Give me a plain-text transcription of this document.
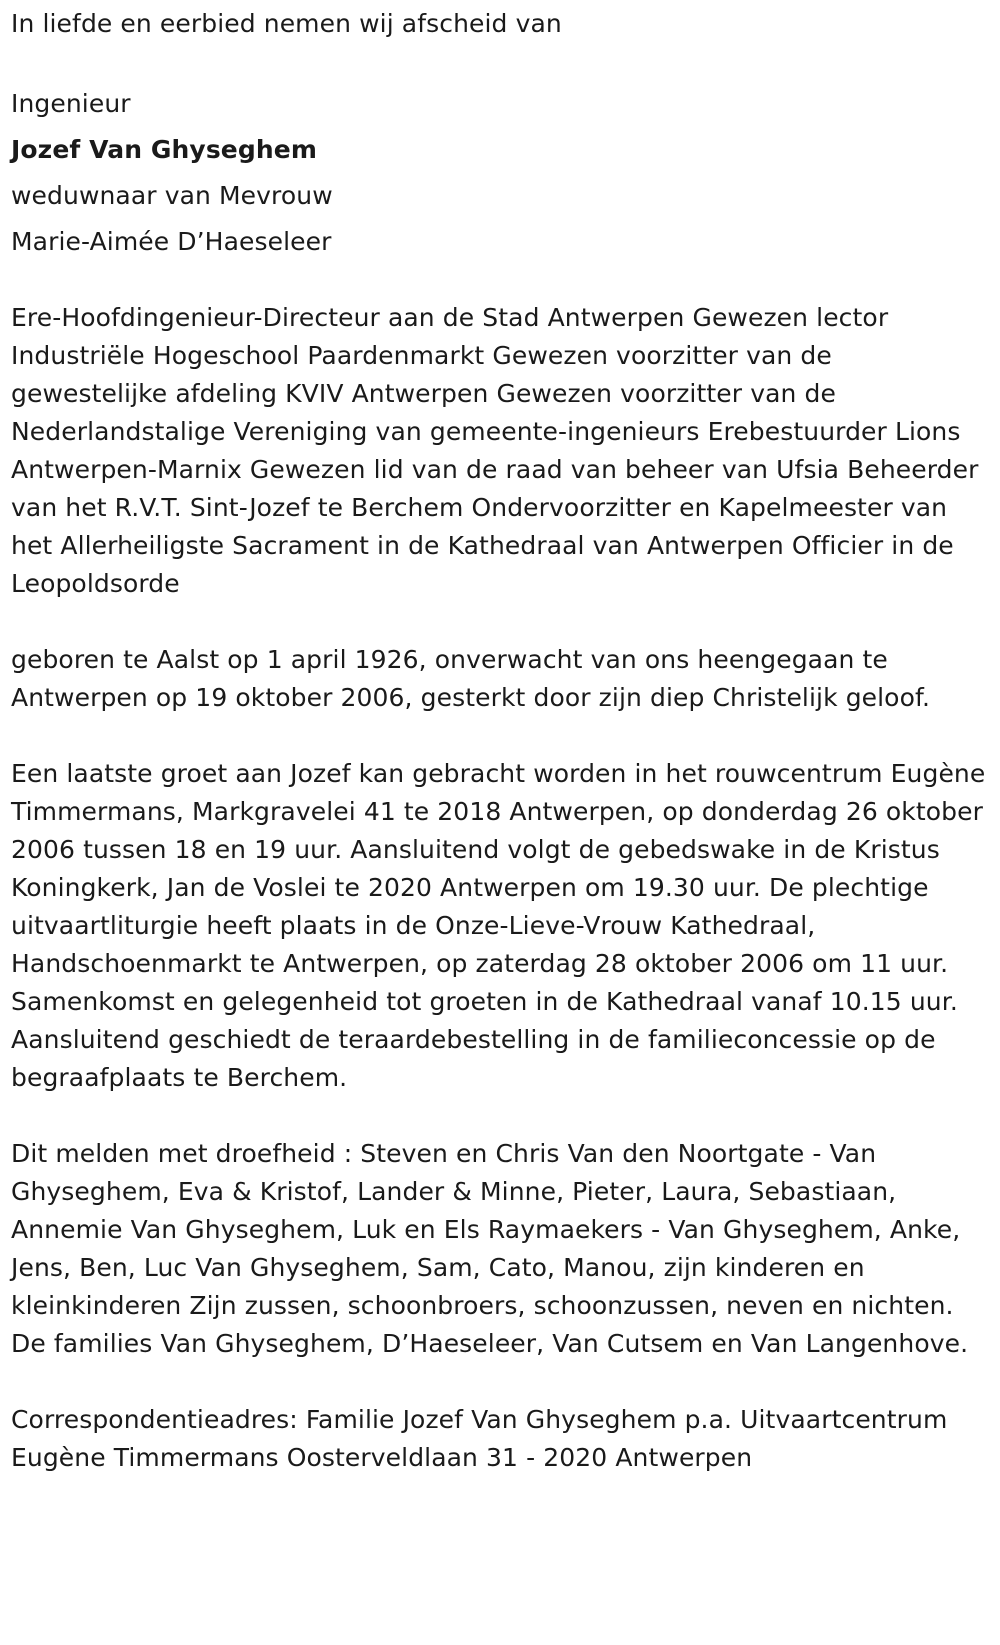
In liefde en eerbied nemen wij afscheid van

Ingenieur

Jozef Van Ghyseghem

weduwnaar van Mevrouw

Marie-Aimée D’Haeseleer

Ere-Hoofdingenieur-Directeur aan de Stad Antwerpen Gewezen lector Industriële Hogeschool Paardenmarkt Gewezen voorzitter van de gewestelijke afdeling KVIV Antwerpen Gewezen voorzitter van de Nederlandstalige Vereniging van gemeente-ingenieurs Erebestuurder Lions Antwerpen-Marnix Gewezen lid van de raad van beheer van Ufsia Beheerder van het R.V.T. Sint-Jozef te Berchem Ondervoorzitter en Kapelmeester van het Allerheiligste Sacrament in de Kathedraal van Antwerpen Officier in de Leopoldsorde

geboren te Aalst op 1 april 1926, onverwacht van ons heengegaan te Antwerpen op 19 oktober 2006, gesterkt door zijn diep Christelijk geloof.

Een laatste groet aan Jozef kan gebracht worden in het rouwcentrum Eugène Timmermans, Markgravelei 41 te 2018 Antwerpen, op donderdag 26 oktober 2006 tussen 18 en 19 uur. Aansluitend volgt de gebedswake in de Kristus Koningkerk, Jan de Voslei te 2020 Antwerpen om 19.30 uur. De plechtige uitvaartliturgie heeft plaats in de Onze-Lieve-Vrouw Kathedraal, Handschoenmarkt te Antwerpen, op zaterdag 28 oktober 2006 om 11 uur. Samenkomst en gelegenheid tot groeten in de Kathedraal vanaf 10.15 uur. Aansluitend geschiedt de teraardebestelling in de familieconcessie op de begraafplaats te Berchem.

Dit melden met droefheid : Steven en Chris Van den Noortgate - Van Ghyseghem, Eva & Kristof, Lander & Minne, Pieter, Laura, Sebastiaan, Annemie Van Ghyseghem, Luk en Els Raymaekers - Van Ghyseghem, Anke, Jens, Ben, Luc Van Ghyseghem, Sam, Cato, Manou, zijn kinderen en kleinkinderen Zijn zussen, schoonbroers, schoonzussen, neven en nichten. De families Van Ghyseghem, D’Haeseleer, Van Cutsem en Van Langenhove.

Correspondentieadres: Familie Jozef Van Ghyseghem p.a. Uitvaartcentrum Eugène Timmermans Oosterveldlaan 31 - 2020 Antwerpen
